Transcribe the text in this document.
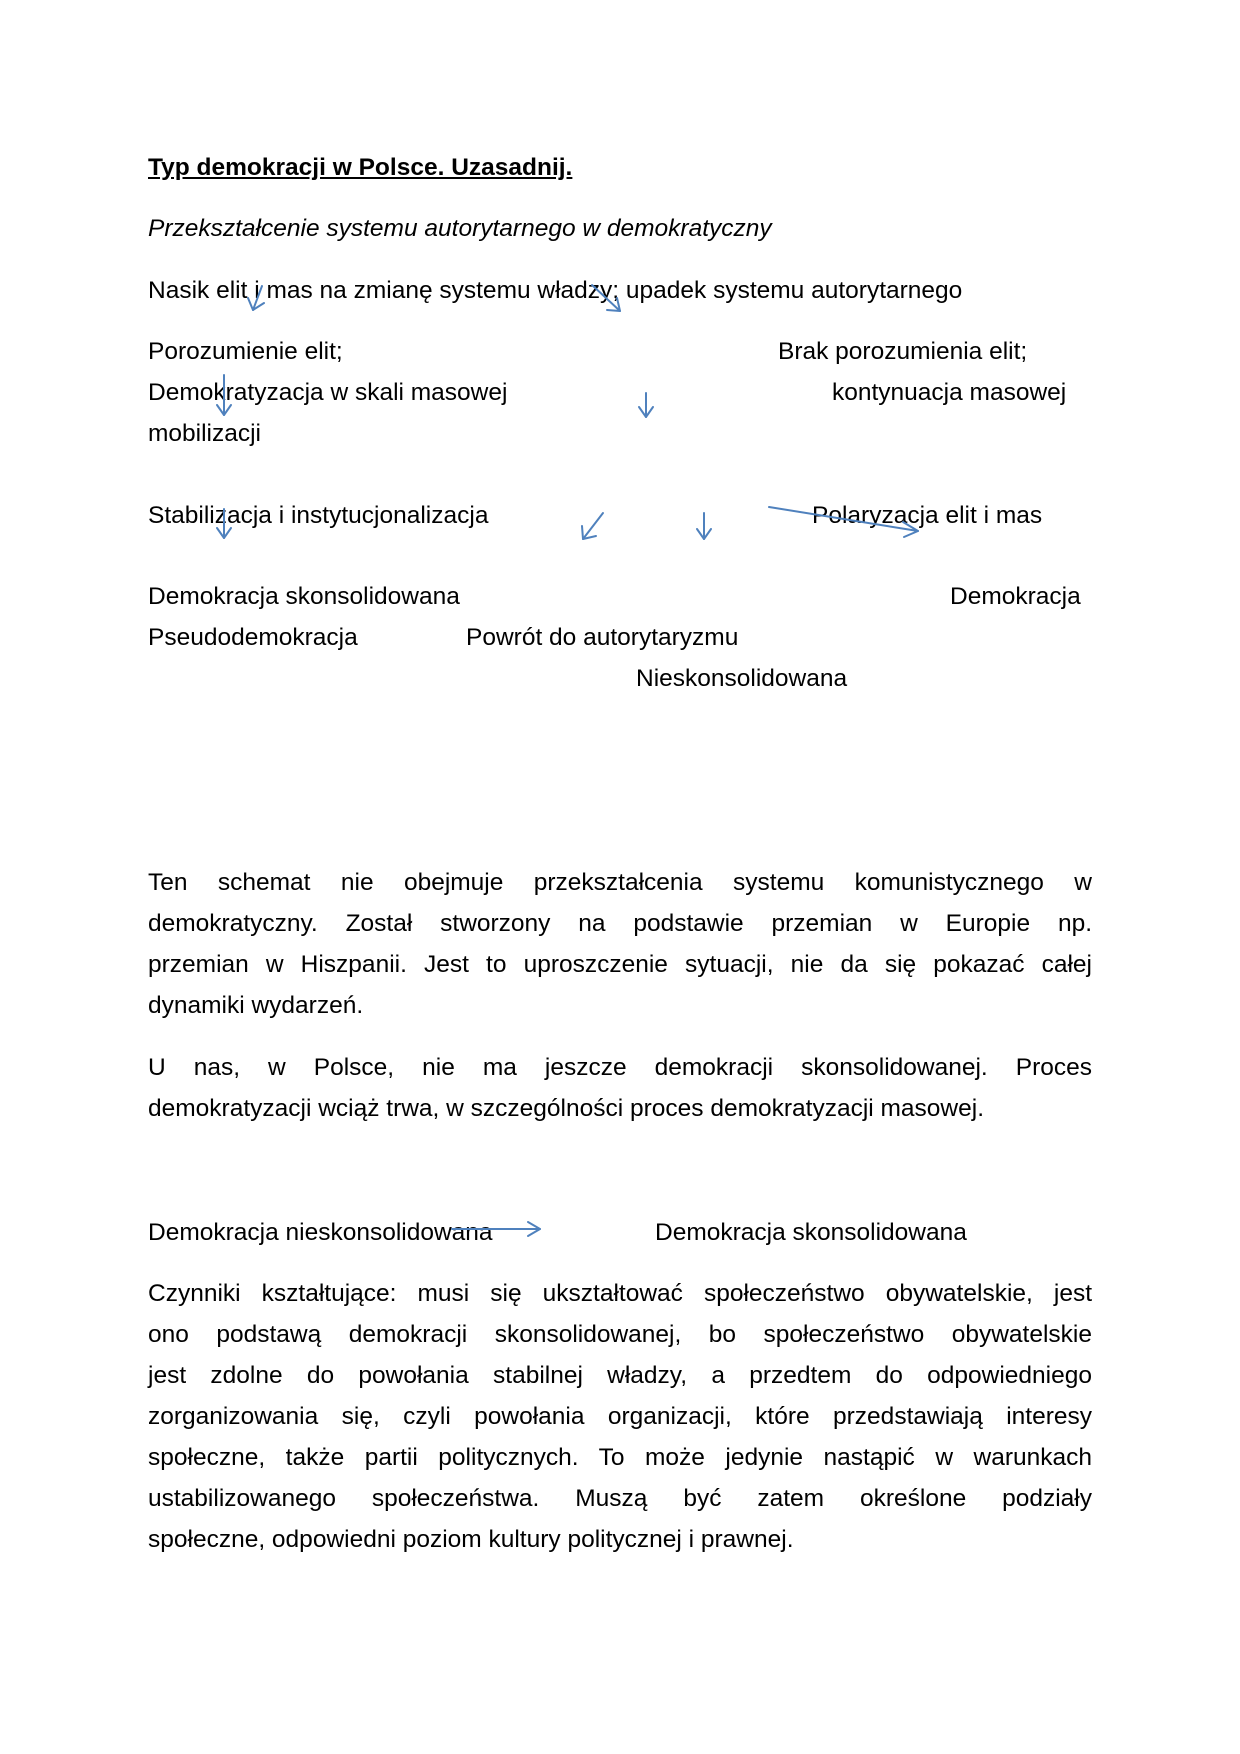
Typ demokracji w Polsce. Uzasadnij.
Przekształcenie systemu autorytarnego w demokratyczny
Nasik elit i mas na zmianę systemu władzy; upadek systemu autorytarnego
Porozumienie elit;	Brak porozumienia elit;
Demokratyzacja w skali masowej	kontynuacja masowej
mobilizacji
Stabilizacja i instytucjonalizacja	Polaryzacja elit i mas
Demokracja skonsolidowana	Demokracja
Pseudodemokracja	Powrót do autorytaryzmu
Nieskonsolidowana
Ten schemat nie obejmuje przekształcenia systemu komunistycznego w
demokratyczny. Został stworzony na podstawie przemian w Europie np.
przemian w Hiszpanii. Jest to uproszczenie sytuacji, nie da się pokazać całej
dynamiki wydarzeń.
U nas, w Polsce, nie ma jeszcze demokracji skonsolidowanej. Proces
demokratyzacji wciąż trwa, w szczególności proces demokratyzacji masowej.
Demokracja nieskonsolidowana	Demokracja skonsolidowana
Czynniki kształtujące: musi się ukształtować społeczeństwo obywatelskie, jest
ono podstawą demokracji skonsolidowanej, bo społeczeństwo obywatelskie
jest zdolne do powołania stabilnej władzy, a przedtem do odpowiedniego
zorganizowania się, czyli powołania organizacji, które przedstawiają interesy
społeczne, także partii politycznych. To może jedynie nastąpić w warunkach
ustabilizowanego społeczeństwa. Muszą być zatem określone podziały
społeczne, odpowiedni poziom kultury politycznej i prawnej.
